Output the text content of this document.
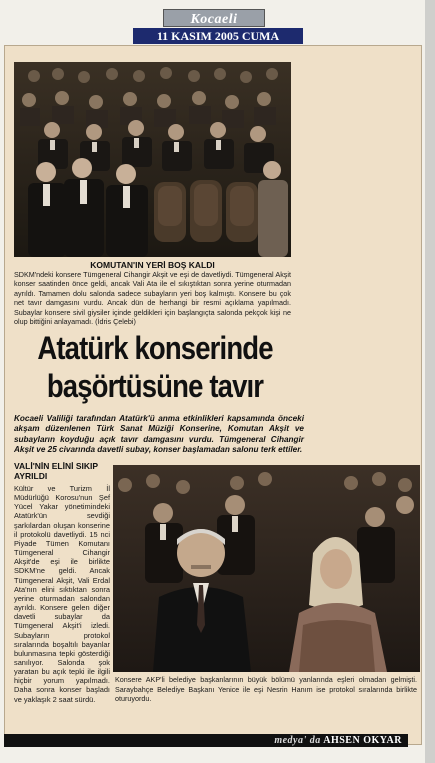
Kocaeli
11 KASIM 2005 CUMA
KOMUTAN'IN YERİ BOŞ KALDI
SDKM'ndeki konsere Tümgeneral Cihangir Akşit ve eşi de davetliydi. Tümgeneral Akşit konser saatinden önce geldi, ancak Vali Ata ile el sıkıştıktan sonra yerine oturmadan ayrıldı. Tamamen dolu salonda sadece subayların yeri boş kalmıştı. Konsere bu çok net tavır damgasını vurdu. Ancak dün de herhangi bir resmi açıklama yapılmadı. Subaylar konsere sivil giysiler içinde geldikleri için başlangıçta salonda pekçok kişi ne olup bittiğini anlayamadı. (İdris Çelebi)
Atatürk konserinde
başörtüsüne tavır
Kocaeli Valiliği tarafından Atatürk'ü anma etkinlikleri kapsamında önceki akşam düzenlenen Türk Sanat Müziği Konserine, Komutan Akşit ve subayların koyduğu açık tavır damgasını vurdu. Tümgeneral Cihangir Akşit ve 25 civarında davetli subay, konser başlamadan salonu terk ettiler.
VALİ'NİN ELİNİ SIKIP AYRILDI

Kültür ve Turizm İl Müdürlüğü Korosu'nun Şef Yücel Yakar yönetimindeki Atatürk'ün sevdiği şarkılardan oluşan konserine il protokolü davetliydi. 15 nci Piyade Tümen Komutanı Tümgeneral Cihangir Akşit'de eşi ile birlikte SDKM'ne geldi. Ancak Tümgeneral Akşit, Vali Erdal Ata'nın elini sıktıktan sonra yerine oturmadan salondan ayrıldı. Konsere gelen diğer davetli subaylar da Tümgeneral Akşit'i izledi. Subayların protokol sıralarında boşaltılı bayanlar bulunmasına tepki gösterdiği sanılıyor. Salonda şok yaratan bu açık tepki ile ilgili hiçbir yorum yapılmadı. Daha sonra konser başladı ve yaklaşık 2 saat sürdü.

Konsere AKP'li belediye başkanlarının büyük bölümü yanlarında eşleri olmadan gelmişti. Saraybahçe Belediye Başkanı Yenice ile eşi Nesrin Hanım ise protokol sıralarında birlikte oturuyordu.
medya' da AHSEN OKYAR
